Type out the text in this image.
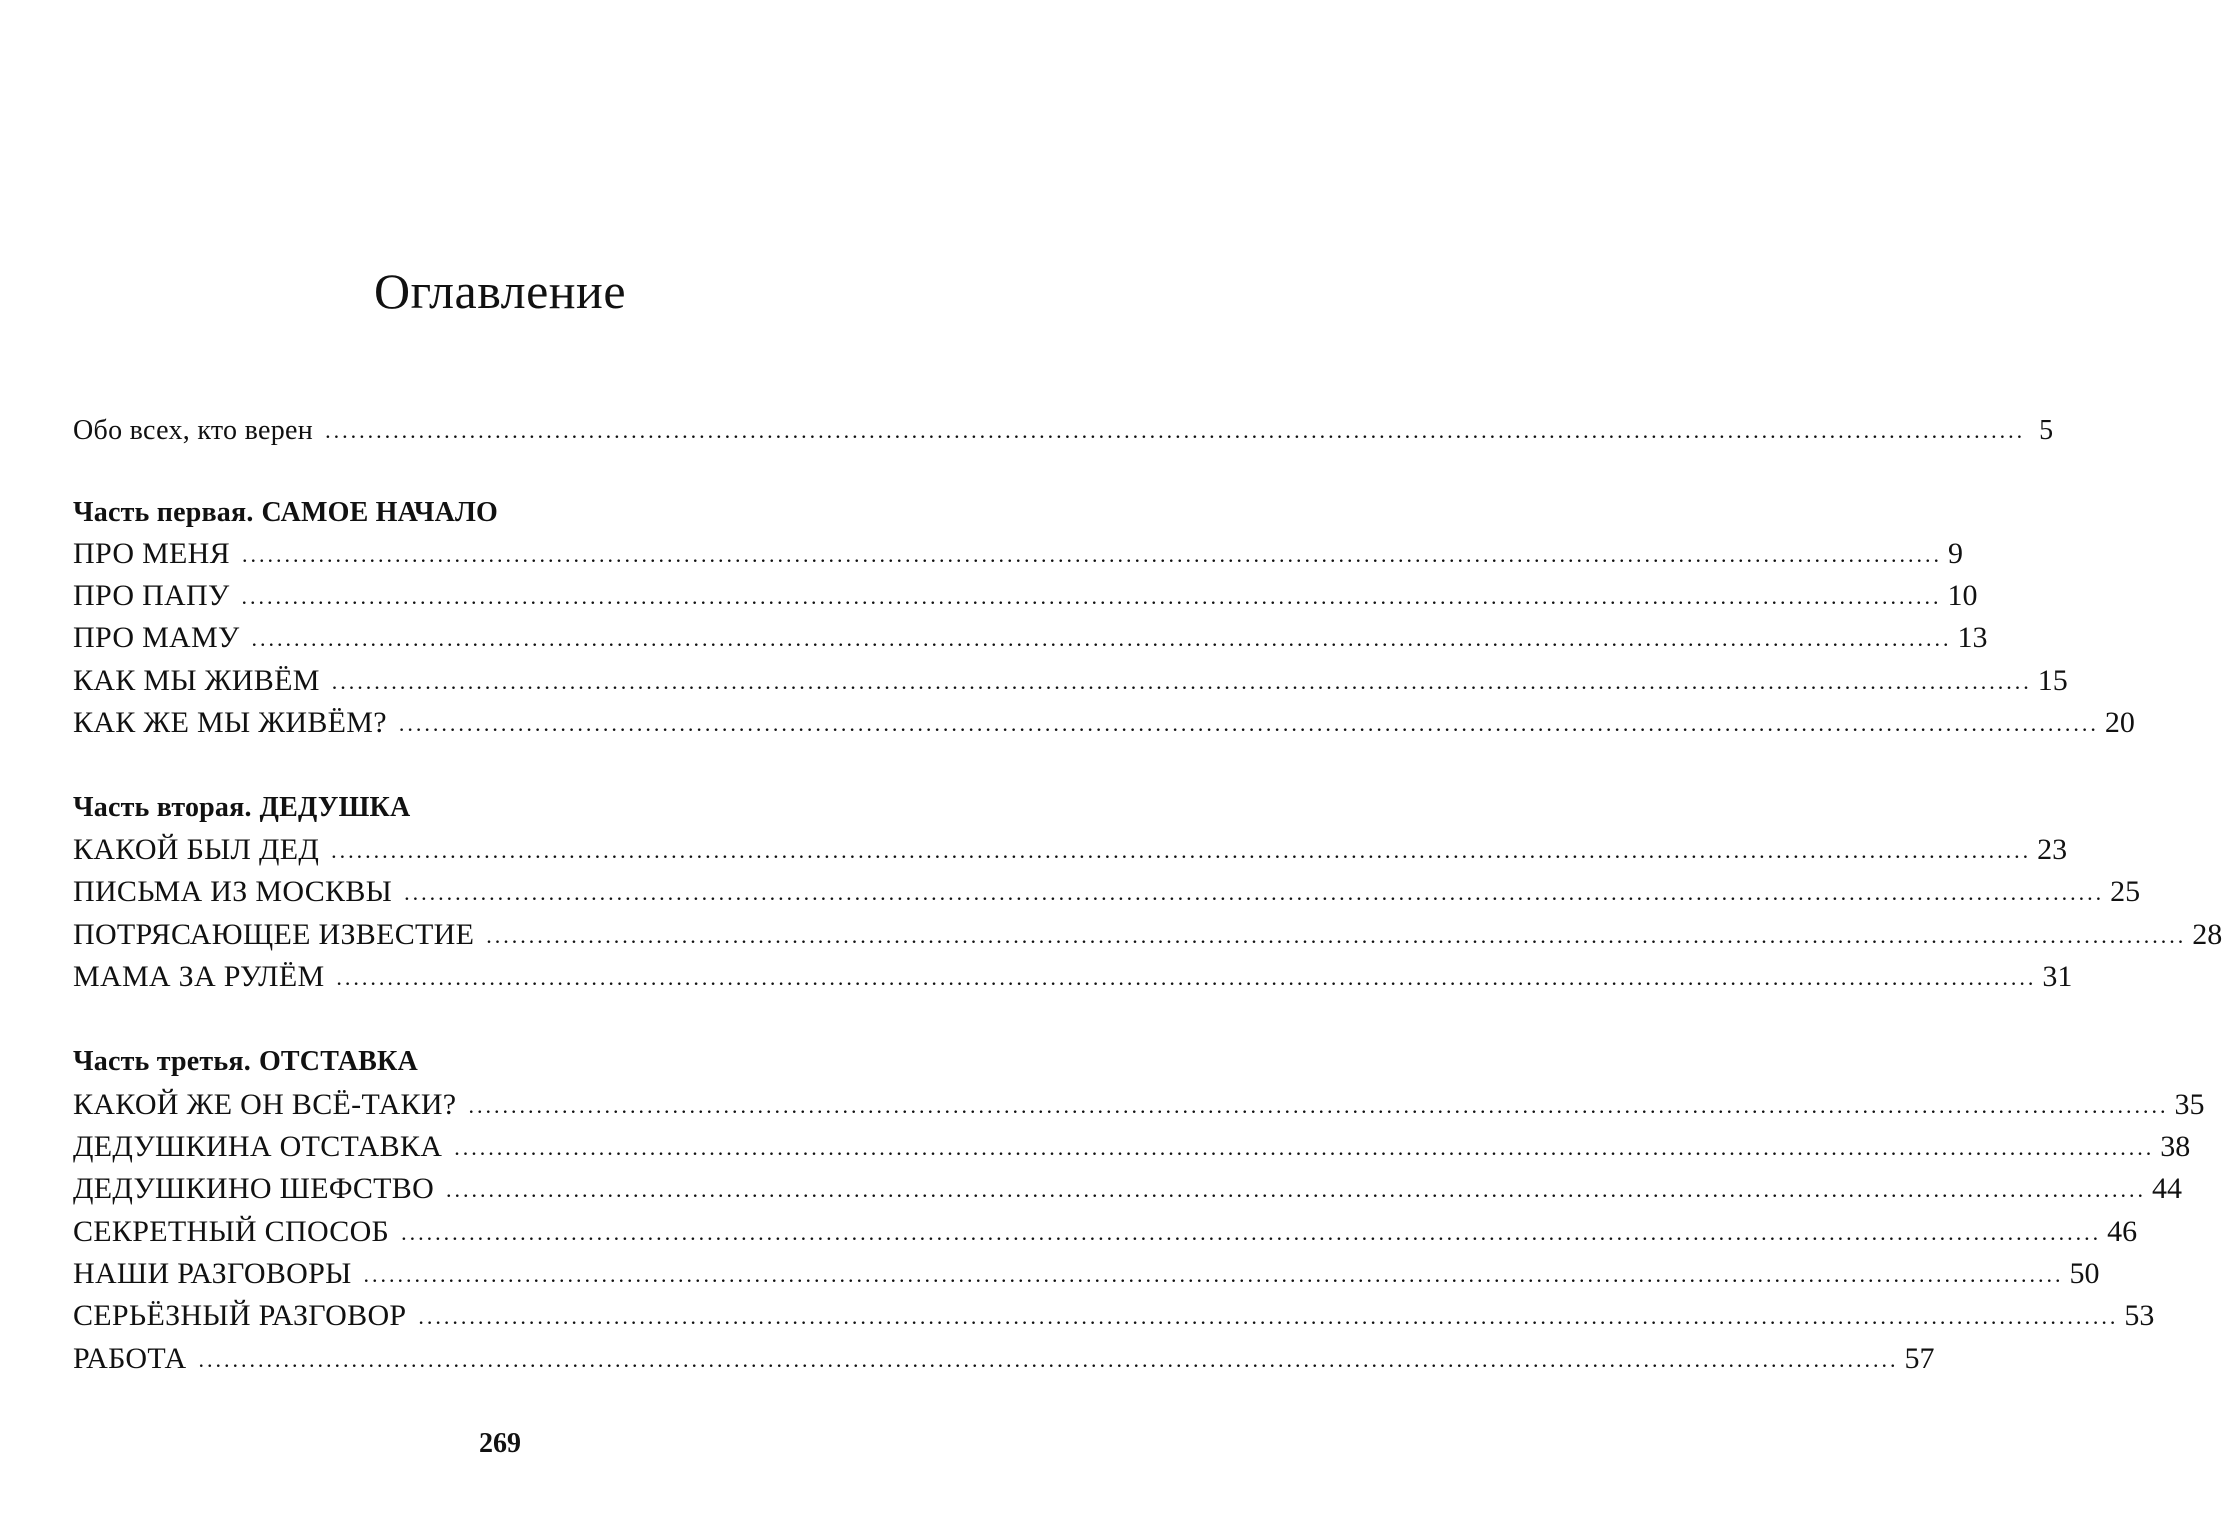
Оглавление
Обо всех, кто верен ........................................................................................................................................................................................................ 5
Часть первая. САМОЕ НАЧАЛО
ПРО МЕНЯ ........................................................................................................................................................................................................ 9
ПРО ПАПУ ........................................................................................................................................................................................................ 10
ПРО МАМУ ........................................................................................................................................................................................................ 13
КАК МЫ ЖИВЁМ ........................................................................................................................................................................................................ 15
КАК ЖЕ МЫ ЖИВЁМ? ........................................................................................................................................................................................................ 20
Часть вторая. ДЕДУШКА
КАКОЙ БЫЛ ДЕД ........................................................................................................................................................................................................ 23
ПИСЬМА ИЗ МОСКВЫ ........................................................................................................................................................................................................ 25
ПОТРЯСАЮЩЕЕ ИЗВЕСТИЕ ........................................................................................................................................................................................................ 28
МАМА ЗА РУЛЁМ ........................................................................................................................................................................................................ 31
Часть третья. ОТСТАВКА
КАКОЙ ЖЕ ОН ВСЁ-ТАКИ? ........................................................................................................................................................................................................ 35
ДЕДУШКИНА ОТСТАВКА ........................................................................................................................................................................................................ 38
ДЕДУШКИНО ШЕФСТВО ........................................................................................................................................................................................................ 44
СЕКРЕТНЫЙ СПОСОБ ........................................................................................................................................................................................................ 46
НАШИ РАЗГОВОРЫ ........................................................................................................................................................................................................ 50
СЕРЬЁЗНЫЙ РАЗГОВОР ........................................................................................................................................................................................................ 53
РАБОТА ........................................................................................................................................................................................................ 57
269
